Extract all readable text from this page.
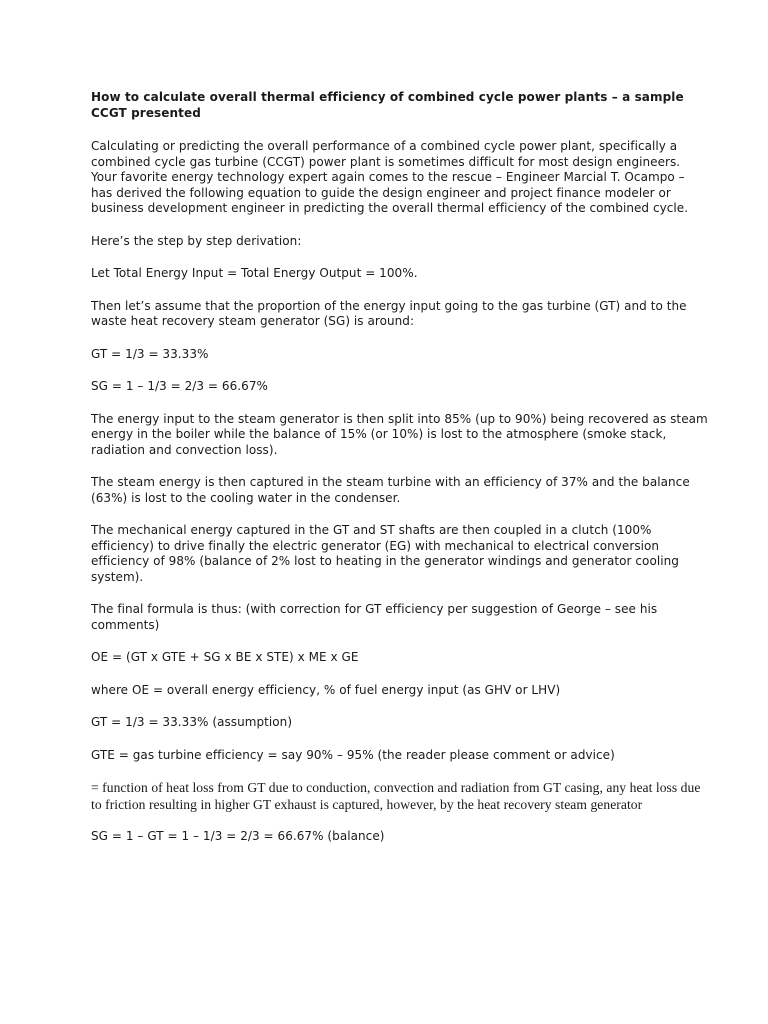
How to calculate overall thermal efficiency of combined cycle power plants – a sample CCGT presented

Calculating or predicting the overall performance of a combined cycle power plant, specifically a combined cycle gas turbine (CCGT) power plant is sometimes difficult for most design engineers. Your favorite energy technology expert again comes to the rescue – Engineer Marcial T. Ocampo – has derived the following equation to guide the design engineer and project finance modeler or business development engineer in predicting the overall thermal efficiency of the combined cycle.

Here’s the step by step derivation:

Let Total Energy Input = Total Energy Output = 100%.

Then let’s assume that the proportion of the energy input going to the gas turbine (GT) and to the waste heat recovery steam generator (SG) is around:

GT = 1/3 = 33.33%

SG = 1 – 1/3 = 2/3 = 66.67%

The energy input to the steam generator is then split into 85% (up to 90%) being recovered as steam energy in the boiler while the balance of 15% (or 10%) is lost to the atmosphere (smoke stack, radiation and convection loss).

The steam energy is then captured in the steam turbine with an efficiency of 37% and the balance (63%) is lost to the cooling water in the condenser.

The mechanical energy captured in the GT and ST shafts are then coupled in a clutch (100% efficiency) to drive finally the electric generator (EG) with mechanical to electrical conversion efficiency of 98% (balance of 2% lost to heating in the generator windings and generator cooling system).

The final formula is thus: (with correction for GT efficiency per suggestion of George – see his comments)

OE = (GT x GTE + SG x BE x STE) x ME x GE

where OE = overall energy efficiency, % of fuel energy input (as GHV or LHV)

GT = 1/3 = 33.33% (assumption)

GTE = gas turbine efficiency = say 90% – 95% (the reader please comment or advice)

= function of heat loss from GT due to conduction, convection and radiation from GT casing, any heat loss due to friction resulting in higher GT exhaust is captured, however, by the heat recovery steam generator

SG = 1 – GT = 1 – 1/3 = 2/3 = 66.67% (balance)
